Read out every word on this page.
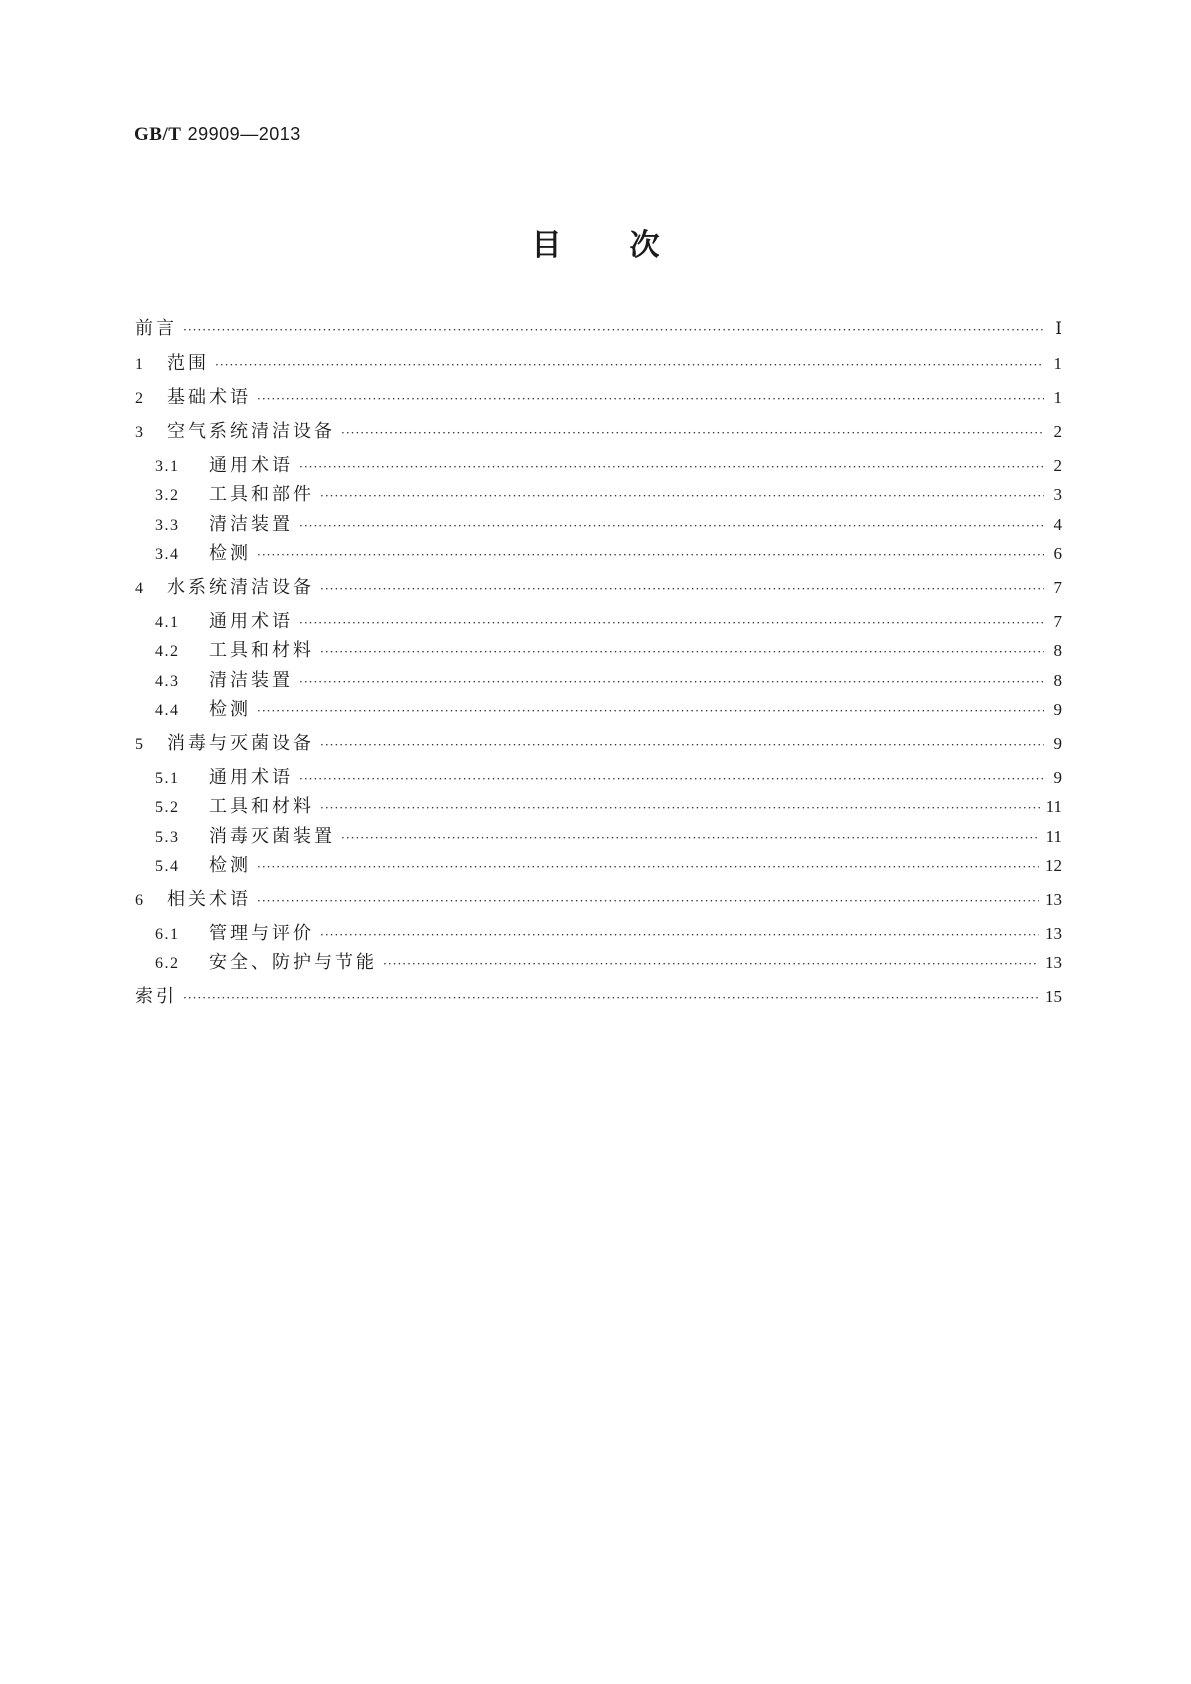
GB/T 29909—2013
目 次
前言 ·····	Ⅰ
1	范围 ·····	1
2	基础术语 ·····	1
3	空气系统清洁设备 ·····	2
3.1	通用术语 ·····	2
3.2	工具和部件 ·····	3
3.3	清洁装置 ·····	4
3.4	检测 ·····	6
4	水系统清洁设备 ·····	7
4.1	通用术语 ·····	7
4.2	工具和材料 ·····	8
4.3	清洁装置 ·····	8
4.4	检测 ·····	9
5	消毒与灭菌设备 ·····	9
5.1	通用术语 ·····	9
5.2	工具和材料 ·····	11
5.3	消毒灭菌装置 ·····	11
5.4	检测 ·····	12
6	相关术语 ·····	13
6.1	管理与评价 ·····	13
6.2	安全、防护与节能 ·····	13
索引 ·····	15
